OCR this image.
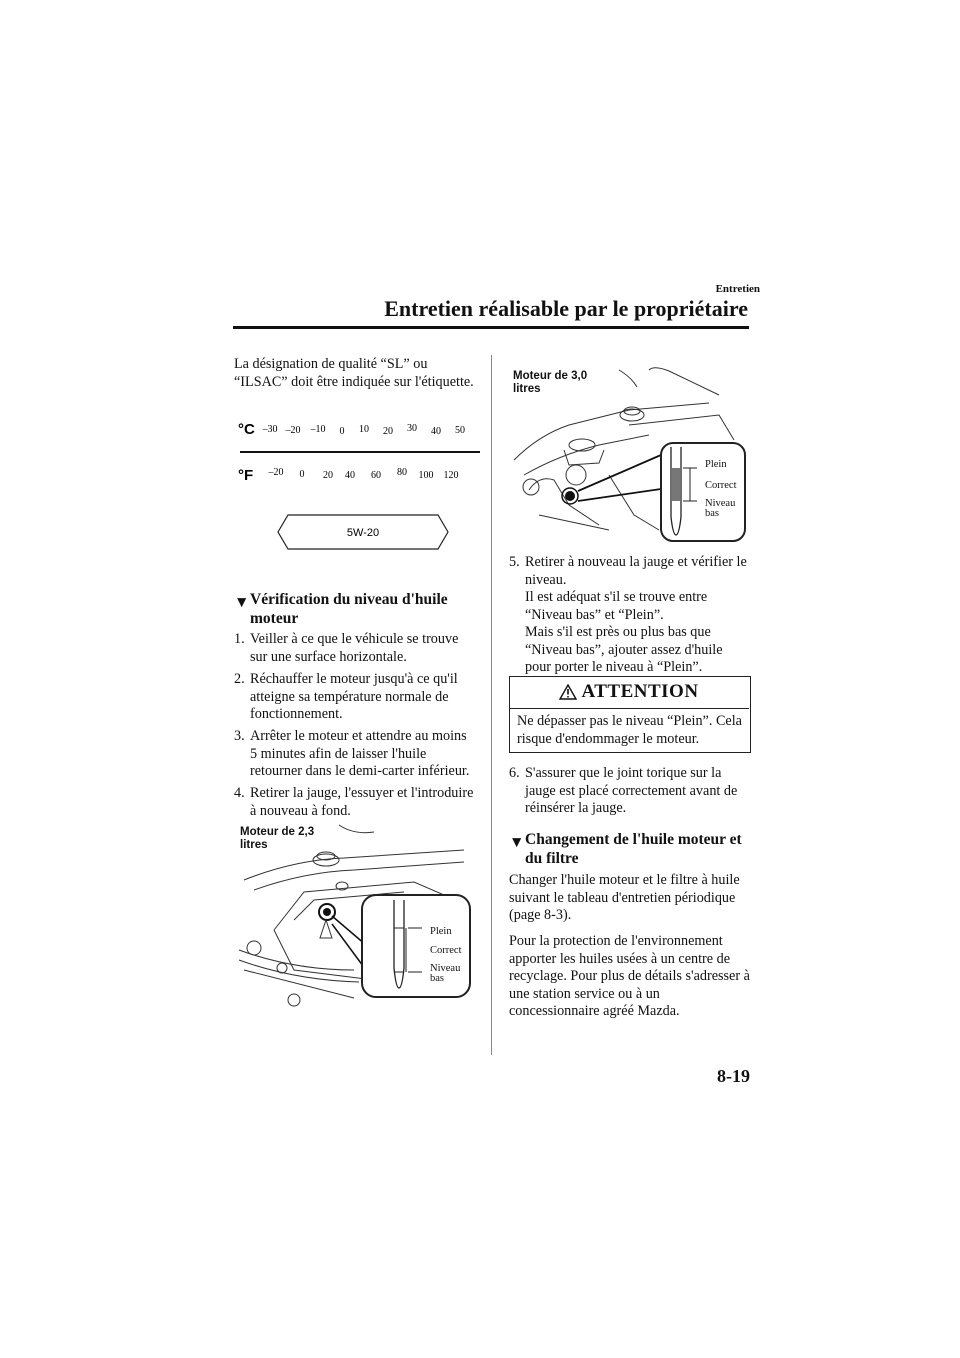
Entretien
Entretien réalisable par le propriétaire
La désignation de qualité “SL” ou
“ILSAC” doit être indiquée sur l'étiquette.
°C
°F
–30 –20 –10 0 10 20 30 40 50
–20 0 20 40 60 80 100 120
5W-20
▼ Vérification du niveau d'huile
moteur
1. Veiller à ce que le véhicule se trouve
sur une surface horizontale.
2. Réchauffer le moteur jusqu'à ce qu'il
atteigne sa température normale de
fonctionnement.
3. Arrêter le moteur et attendre au moins
5 minutes afin de laisser l'huile
retourner dans le demi-carter inférieur.
4. Retirer la jauge, l'essuyer et l'introduire
à nouveau à fond.
Moteur de 2,3
litres
Plein
Correct
Niveau
bas
Moteur de 3,0
litres
Plein
Correct
Niveau
bas
5. Retirer à nouveau la jauge et vérifier le
niveau.
Il est adéquat s'il se trouve entre
“Niveau bas” et “Plein”.
Mais s'il est près ou plus bas que
“Niveau bas”, ajouter assez d'huile
pour porter le niveau à “Plein”.
ATTENTION
Ne dépasser pas le niveau “Plein”. Cela
risque d'endommager le moteur.
6. S'assurer que le joint torique sur la
jauge est placé correctement avant de
réinsérer la jauge.
▼ Changement de l'huile moteur et
du filtre
Changer l'huile moteur et le filtre à huile
suivant le tableau d'entretien périodique
(page 8-3).
Pour la protection de l'environnement
apporter les huiles usées à un centre de
recyclage. Pour plus de détails s'adresser à
une station service ou à un
concessionnaire agréé Mazda.
8-19
